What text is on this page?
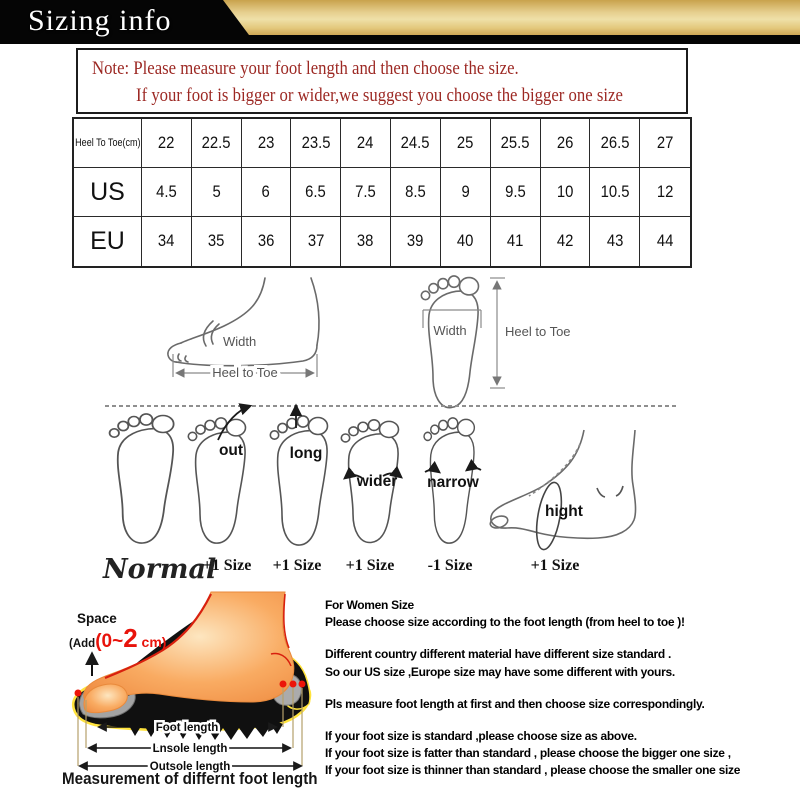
Sizing info
Note: Please measure your foot length and then choose the size.
If your foot is bigger or wider,we suggest you choose the bigger one size
Heel To Toe(cm) 22 22.5 23 23.5 24 24.5 25 25.5 26 26.5 27
US 4.5 5	6 6.5 7.5 8.5 9 9.5 10 10.5 12
EU 34 35 36 37 38 39 40 41 42 43 44
Width
Heel to Toe
Width	Heel to Toe
out	long
wider narrow
hight
Normal
+1 Size +1 Size +1 Size -1 Size	+1 Size
Foot length
Lnsole length
Outsole length
Space
(Add(0~2 cm)
Measurement of differnt foot length
For Women Size
Please choose size according to the foot length (from heel to toe )!
Different country different material have different size standard .
So our US size ,Europe size may have some different with yours.
Pls measure foot length at first and then choose size correspondingly.
If your foot size is standard ,please choose size as above.
If your foot size is fatter than standard , please choose the bigger one size ,
If your foot size is thinner than standard , please choose the smaller one size
